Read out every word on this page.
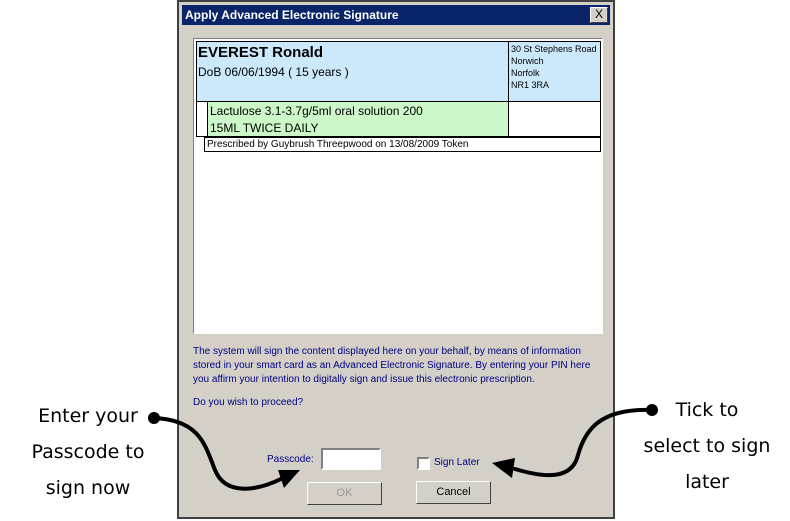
Apply Advanced Electronic Signature	X
EVEREST Ronald
DoB 06/06/1994 ( 15 years )
30 St Stephens Road
Norwich
Norfolk
NR1 3RA
Lactulose 3.1-3.7g/5ml oral solution 200
15ML TWICE DAILY
Prescribed by Guybrush Threepwood on 13/08/2009 Token
The system will sign the content displayed here on your behalf, by means of information stored in your smart card as an Advanced Electronic Signature. By entering your PIN here you affirm your intention to digitally sign and issue this electronic prescription.
Do you wish to proceed?
Passcode:	Sign Later
OK	Cancel
Enter your
Passcode to
sign now
Tick to
select to sign
later
